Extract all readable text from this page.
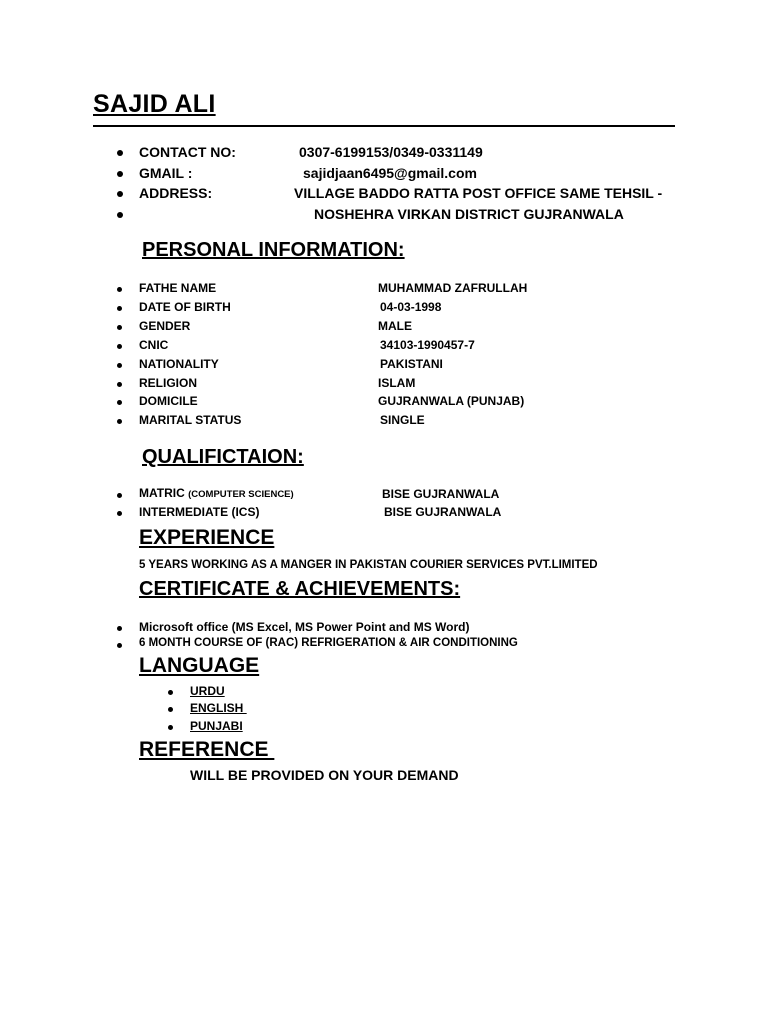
SAJID ALI
CONTACT NO:	0307-6199153/0349-0331149
GMAIL :	sajidjaan6495@gmail.com
ADDRESS:	VILLAGE BADDO RATTA POST OFFICE SAME TEHSIL -
NOSHEHRA VIRKAN DISTRICT GUJRANWALA
PERSONAL INFORMATION:
FATHE NAME	MUHAMMAD ZAFRULLAH
DATE OF BIRTH	04-03-1998
GENDER	MALE
CNIC	34103-1990457-7
NATIONALITY	PAKISTANI
RELIGION	ISLAM
DOMICILE	GUJRANWALA (PUNJAB)
MARITAL STATUS	SINGLE
QUALIFICTAION:
MATRIC (COMPUTER SCIENCE)	BISE GUJRANWALA
INTERMEDIATE (ICS)	BISE GUJRANWALA
EXPERIENCE
5 YEARS WORKING AS A MANGER IN PAKISTAN COURIER SERVICES PVT.LIMITED
CERTIFICATE & ACHIEVEMENTS:
Microsoft office (MS Excel, MS Power Point and MS Word)
6 MONTH COURSE OF (RAC) REFRIGERATION & AIR CONDITIONING
LANGUAGE
URDU
ENGLISH
PUNJABI
REFERENCE
WILL BE PROVIDED ON YOUR DEMAND
